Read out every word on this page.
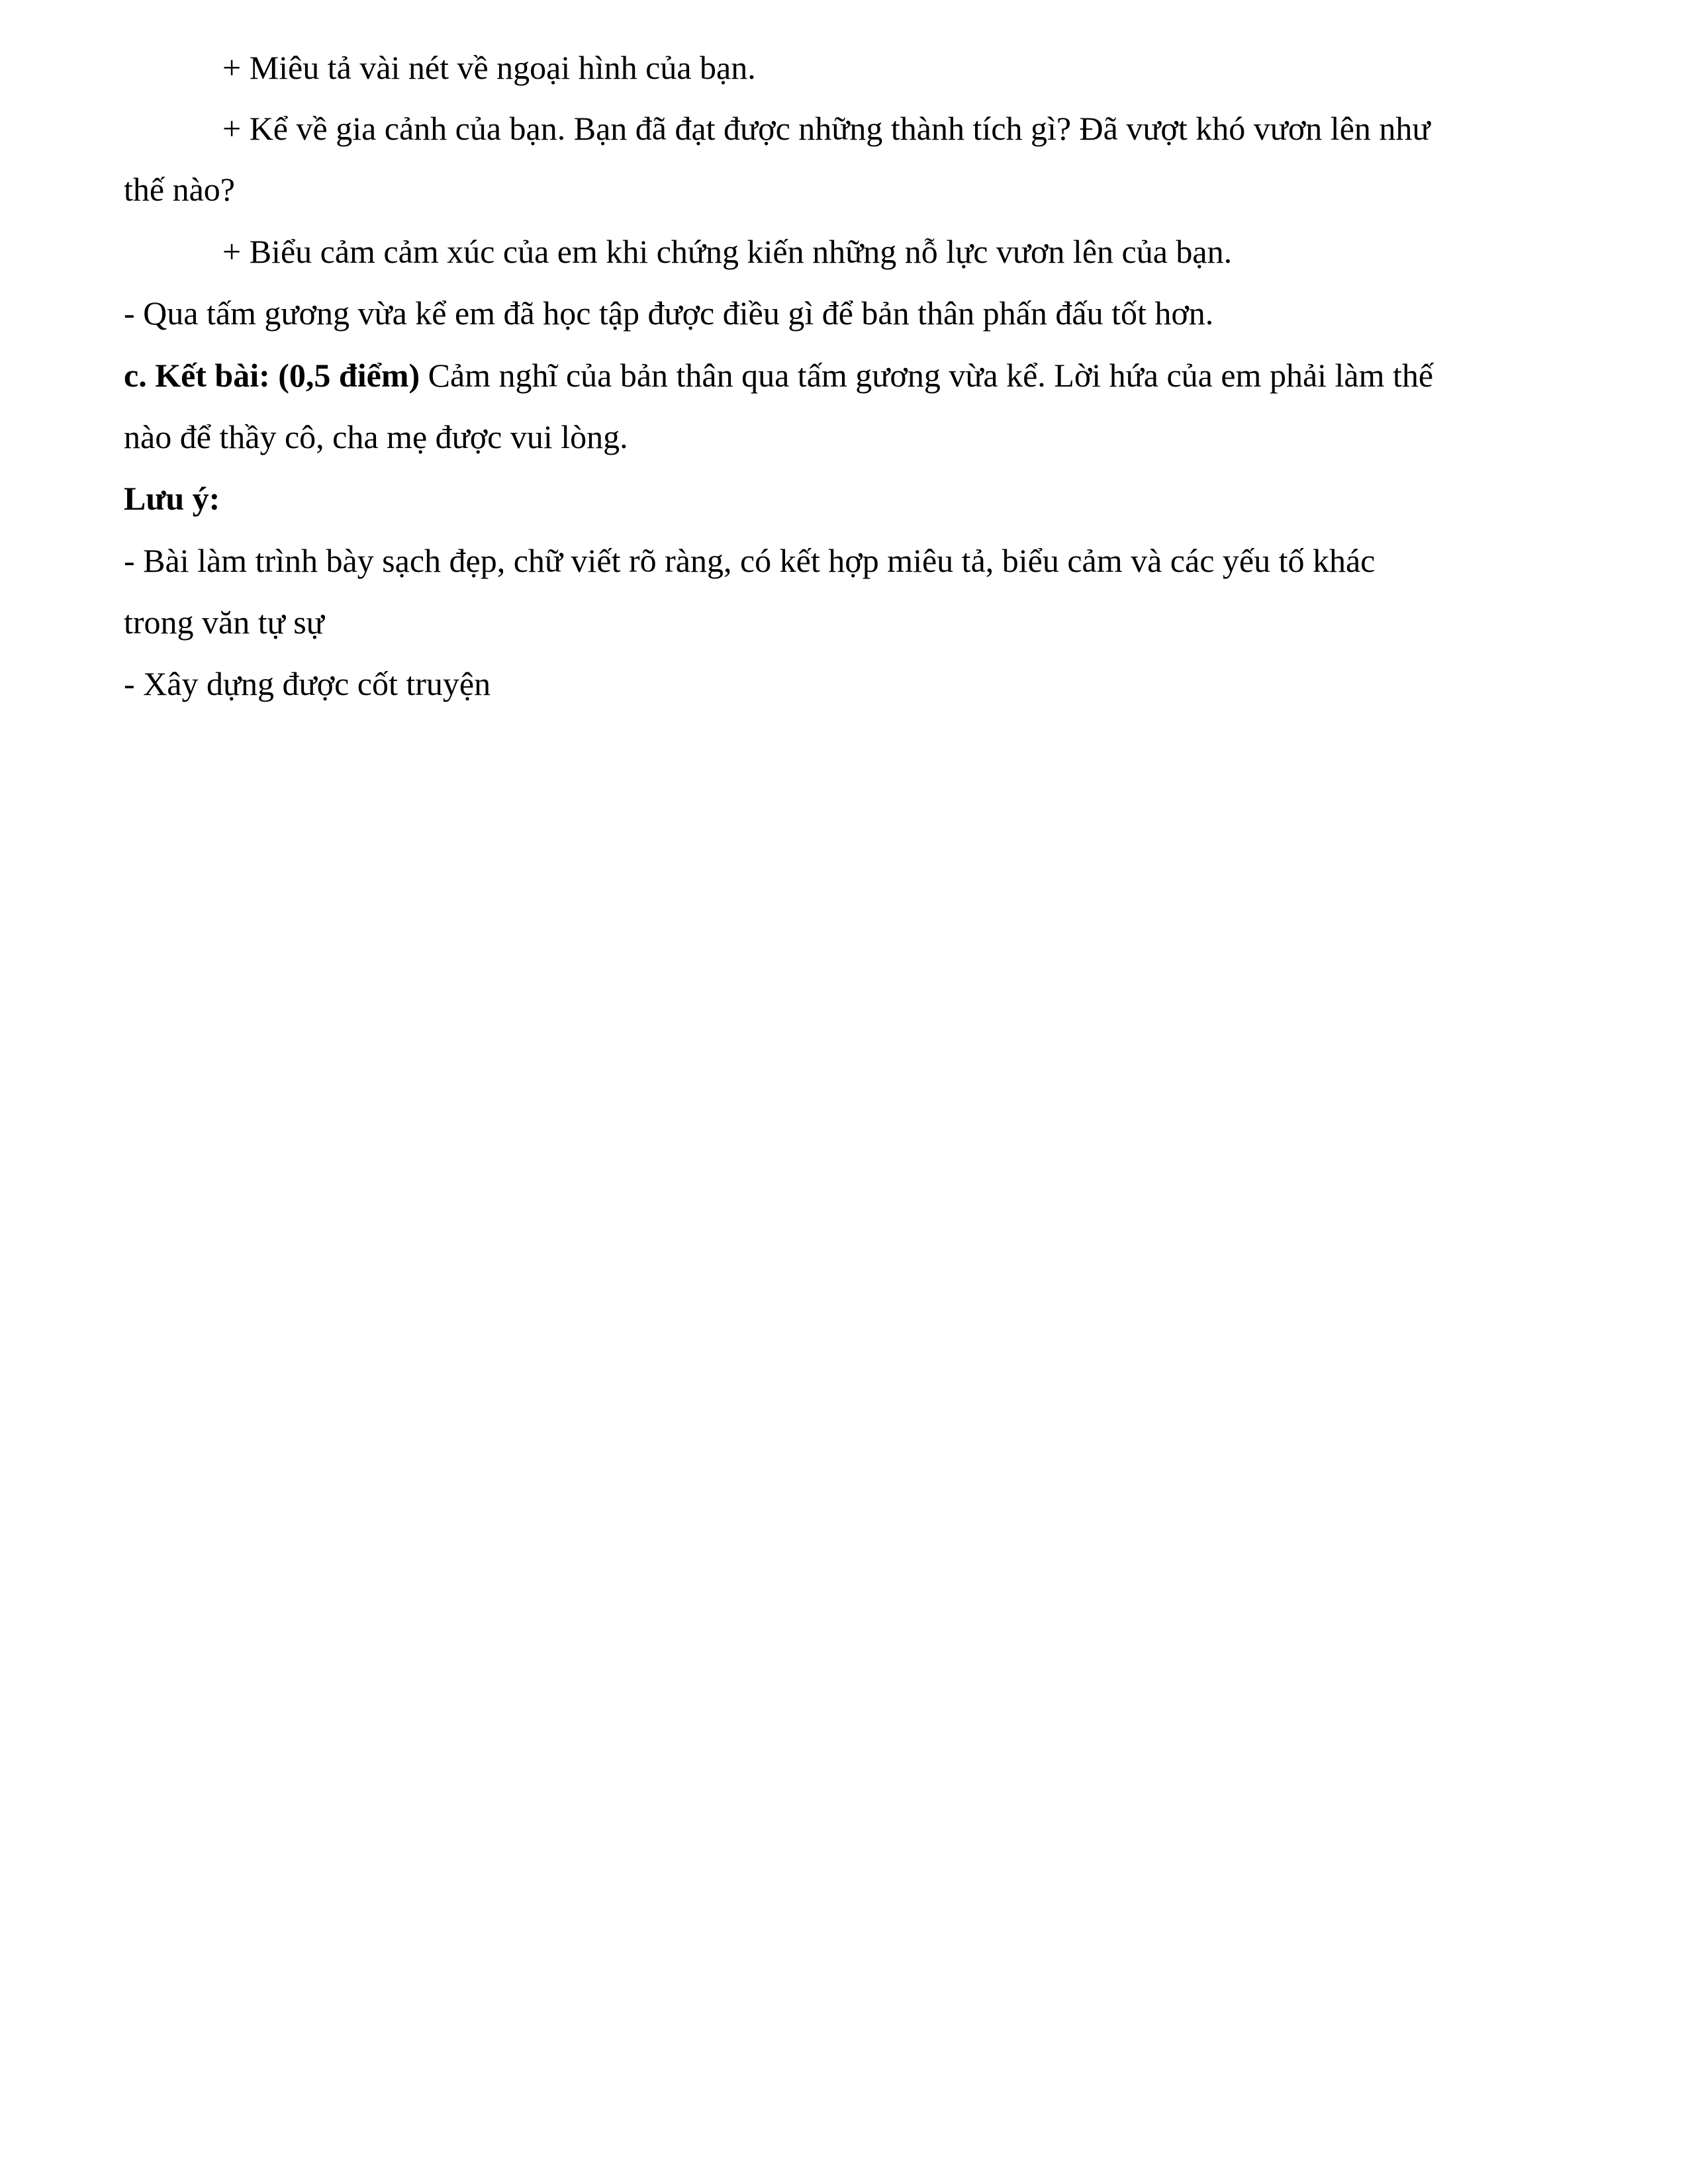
+ Miêu tả vài nét về ngoại hình của bạn.
+ Kể về gia cảnh của bạn. Bạn đã đạt được những thành tích gì? Đã vượt khó vươn lên như
thế nào?
+ Biểu cảm cảm xúc của em khi chứng kiến những nỗ lực vươn lên của bạn.
- Qua tấm gương vừa kể em đã học tập được điều gì để bản thân phấn đấu tốt hơn.
c. Kết bài: (0,5 điểm) Cảm nghĩ của bản thân qua tấm gương vừa kể. Lời hứa của em phải làm thế
nào để thầy cô, cha mẹ được vui lòng.
Lưu ý:
- Bài làm trình bày sạch đẹp, chữ viết rõ ràng, có kết hợp miêu tả, biểu cảm và các yếu tố khác
trong văn tự sự
- Xây dựng được cốt truyện
